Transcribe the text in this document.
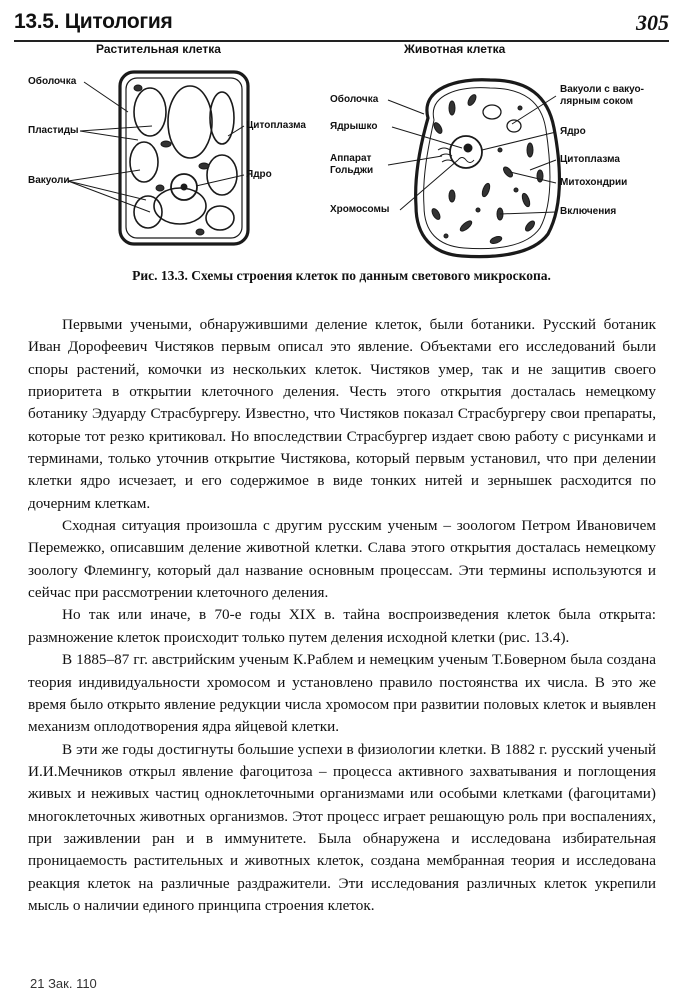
13.5. Цитология	305
Растительная клетка	Животная клетка
Оболочка
Пластиды
Вакуоли
Цитоплазма
Ядро
Оболочка
Ядрышко
Аппарат
Гольджи
Хромосомы
Вакуоли с вакуо-
лярным соком
Ядро
Цитоплазма
Митохондрии
Включения
Рис. 13.3. Схемы строения клеток по данным светового микроскопа.

Первыми учеными, обнаружившими деление клеток, были ботаники. Русский ботаник Иван Дорофеевич Чистяков первым описал это явление. Объектами его исследований были споры растений, комочки из нескольких клеток. Чистяков умер, так и не защитив своего приоритета в открытии клеточного деления. Честь этого открытия досталась немецкому ботанику Эдуарду Страсбургеру. Известно, что Чистяков показал Страсбургеру свои препараты, которые тот резко критиковал. Но впоследствии Страсбургер издает свою работу с рисунками и терминами, только уточнив открытие Чистякова, который первым установил, что при делении клетки ядро исчезает, и его содержимое в виде тонких нитей и зернышек расходится по дочерним клеткам.

Сходная ситуация произошла с другим русским ученым – зоологом Петром Ивановичем Перемежко, описавшим деление животной клетки. Слава этого открытия досталась немецкому зоологу Флемингу, который дал название основным процессам. Эти термины используются и сейчас при рассмотрении клеточного деления.

Но так или иначе, в 70-е годы XIX в. тайна воспроизведения клеток была открыта: размножение клеток происходит только путем деления исходной клетки (рис. 13.4).

В 1885–87 гг. австрийским ученым К.Раблем и немецким ученым Т.Боверном была создана теория индивидуальности хромосом и установлено правило постоянства их числа. В это же время было открыто явление редукции числа хромосом при развитии половых клеток и выявлен механизм оплодотворения ядра яйцевой клетки.

В эти же годы достигнуты большие успехи в физиологии клетки. В 1882 г. русский ученый И.И.Мечников открыл явление фагоцитоза – процесса активного захватывания и поглощения живых и неживых частиц одноклеточными организмами или особыми клетками (фагоцитами) многоклеточных животных организмов. Этот процесс играет решающую роль при воспалениях, при заживлении ран и в иммунитете. Была обнаружена и исследована избирательная проницаемость растительных и животных клеток, создана мембранная теория и исследована реакция клеток на различные раздражители. Эти исследования различных клеток укрепили мысль о наличии единого принципа строения клеток.

21 Зак. 110
